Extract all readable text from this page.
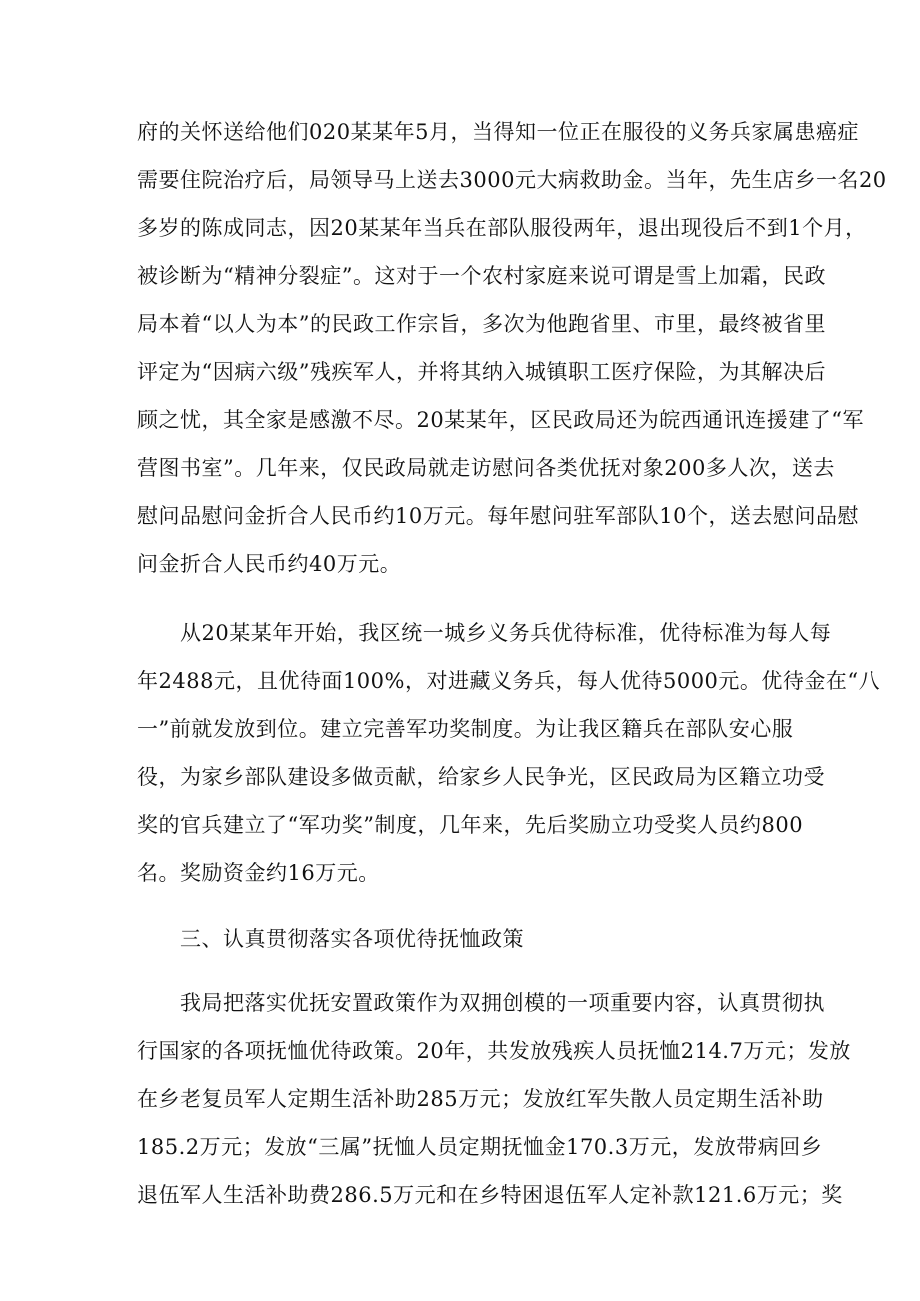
府的关怀送给他们020某某年5月，当得知一位正在服役的义务兵家属患癌症
需要住院治疗后，局领导马上送去3000元大病救助金。当年，先生店乡一名20
多岁的陈成同志，因20某某年当兵在部队服役两年，退出现役后不到1个月，
被诊断为“精神分裂症”。这对于一个农村家庭来说可谓是雪上加霜，民政
局本着“以人为本”的民政工作宗旨，多次为他跑省里、市里，最终被省里
评定为“因病六级”残疾军人，并将其纳入城镇职工医疗保险，为其解决后
顾之忧，其全家是感激不尽。20某某年，区民政局还为皖西通讯连援建了“军
营图书室”。几年来，仅民政局就走访慰问各类优抚对象200多人次，送去
慰问品慰问金折合人民币约10万元。每年慰问驻军部队10个，送去慰问品慰
问金折合人民币约40万元。
从20某某年开始，我区统一城乡义务兵优待标准，优待标准为每人每
年2488元，且优待面100%，对进藏义务兵，每人优待5000元。优待金在“八
一”前就发放到位。建立完善军功奖制度。为让我区籍兵在部队安心服
役，为家乡部队建设多做贡献，给家乡人民争光，区民政局为区籍立功受
奖的官兵建立了“军功奖”制度，几年来，先后奖励立功受奖人员约800
名。奖励资金约16万元。
三、认真贯彻落实各项优待抚恤政策
我局把落实优抚安置政策作为双拥创模的一项重要内容，认真贯彻执
行国家的各项抚恤优待政策。20年，共发放残疾人员抚恤214.7万元；发放
在乡老复员军人定期生活补助285万元；发放红军失散人员定期生活补助
185.2万元；发放“三属”抚恤人员定期抚恤金170.3万元，发放带病回乡
退伍军人生活补助费286.5万元和在乡特困退伍军人定补款121.6万元；奖
